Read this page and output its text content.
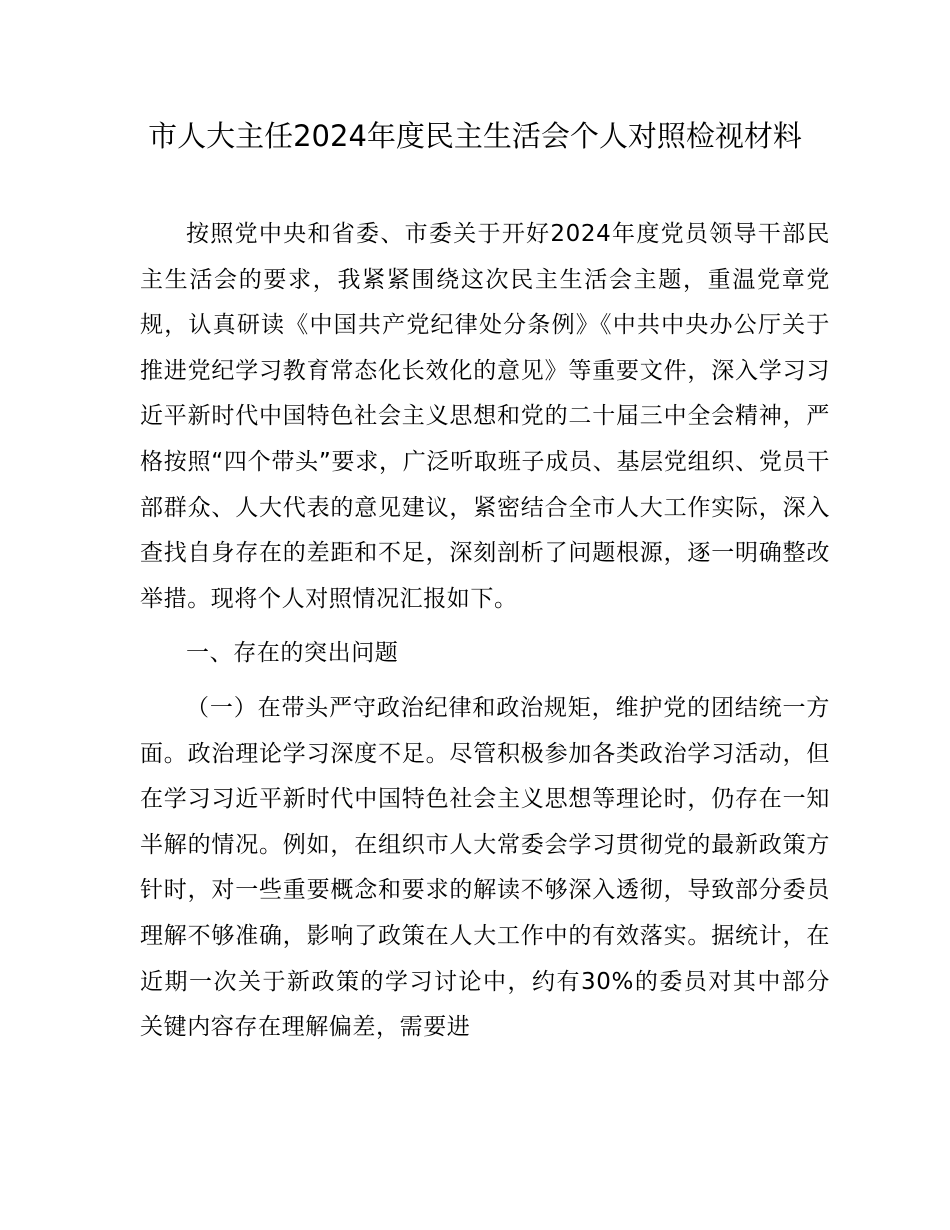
市人大主任2024年度民主生活会个人对照检视材料

按照党中央和省委、市委关于开好2024年度党员领导干部民主生活会的要求，我紧紧围绕这次民主生活会主题，重温党章党规，认真研读《中国共产党纪律处分条例》《中共中央办公厅关于推进党纪学习教育常态化长效化的意见》等重要文件，深入学习习近平新时代中国特色社会主义思想和党的二十届三中全会精神，严格按照“四个带头”要求，广泛听取班子成员、基层党组织、党员干部群众、人大代表的意见建议，紧密结合全市人大工作实际，深入查找自身存在的差距和不足，深刻剖析了问题根源，逐一明确整改举措。现将个人对照情况汇报如下。

一、存在的突出问题

（一）在带头严守政治纪律和政治规矩，维护党的团结统一方面。政治理论学习深度不足。尽管积极参加各类政治学习活动，但在学习习近平新时代中国特色社会主义思想等理论时，仍存在一知半解的情况。例如，在组织市人大常委会学习贯彻党的最新政策方针时，对一些重要概念和要求的解读不够深入透彻，导致部分委员理解不够准确，影响了政策在人大工作中的有效落实。据统计，在近期一次关于新政策的学习讨论中，约有30%的委员对其中部分关键内容存在理解偏差，需要进
